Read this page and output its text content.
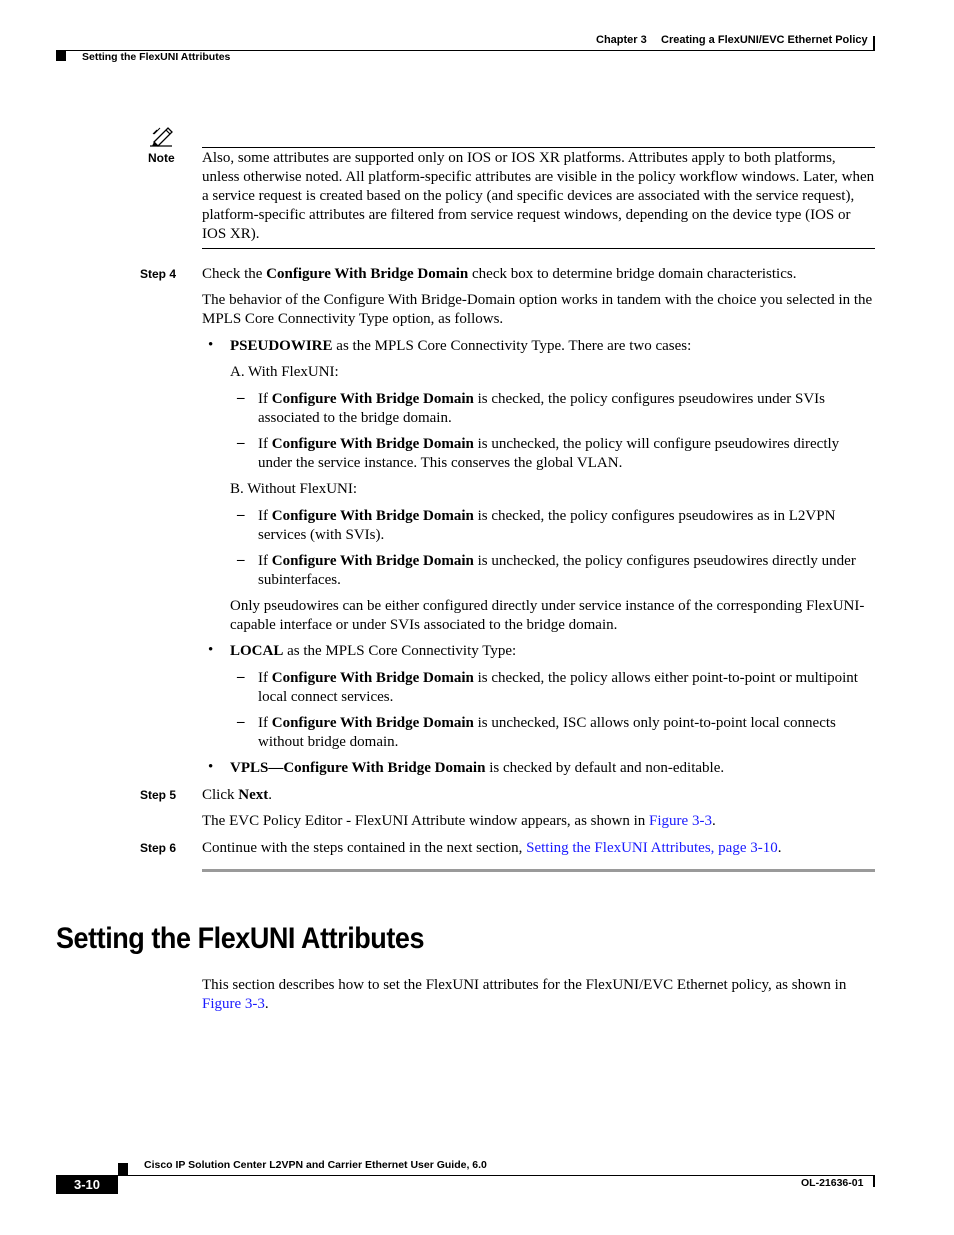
Chapter 3 Creating a FlexUNI/EVC Ethernet Policy
Setting the FlexUNI Attributes
Note Also, some attributes are supported only on IOS or IOS XR platforms. Attributes apply to both platforms, unless otherwise noted. All platform-specific attributes are visible in the policy workflow windows. Later, when a service request is created based on the policy (and specific devices are associated with the service request), platform-specific attributes are filtered from service request windows, depending on the device type (IOS or IOS XR).

Step 4 Check the Configure With Bridge Domain check box to determine bridge domain characteristics.

The behavior of the Configure With Bridge-Domain option works in tandem with the choice you selected in the MPLS Core Connectivity Type option, as follows.

• PSEUDOWIRE as the MPLS Core Connectivity Type. There are two cases:

A. With FlexUNI:

– If Configure With Bridge Domain is checked, the policy configures pseudowires under SVIs associated to the bridge domain.

– If Configure With Bridge Domain is unchecked, the policy will configure pseudowires directly under the service instance. This conserves the global VLAN.

B. Without FlexUNI:

– If Configure With Bridge Domain is checked, the policy configures pseudowires as in L2VPN services (with SVIs).

– If Configure With Bridge Domain is unchecked, the policy configures pseudowires directly under subinterfaces.

Only pseudowires can be either configured directly under service instance of the corresponding FlexUNI-capable interface or under SVIs associated to the bridge domain.

• LOCAL as the MPLS Core Connectivity Type:

– If Configure With Bridge Domain is checked, the policy allows either point-to-point or multipoint local connect services.

– If Configure With Bridge Domain is unchecked, ISC allows only point-to-point local connects without bridge domain.

• VPLS—Configure With Bridge Domain is checked by default and non-editable.

Step 5 Click Next.

The EVC Policy Editor - FlexUNI Attribute window appears, as shown in Figure 3-3.

Step 6 Continue with the steps contained in the next section, Setting the FlexUNI Attributes, page 3-10.

Setting the FlexUNI Attributes

This section describes how to set the FlexUNI attributes for the FlexUNI/EVC Ethernet policy, as shown in Figure 3-3.

Cisco IP Solution Center L2VPN and Carrier Ethernet User Guide, 6.0
3-10	OL-21636-01
